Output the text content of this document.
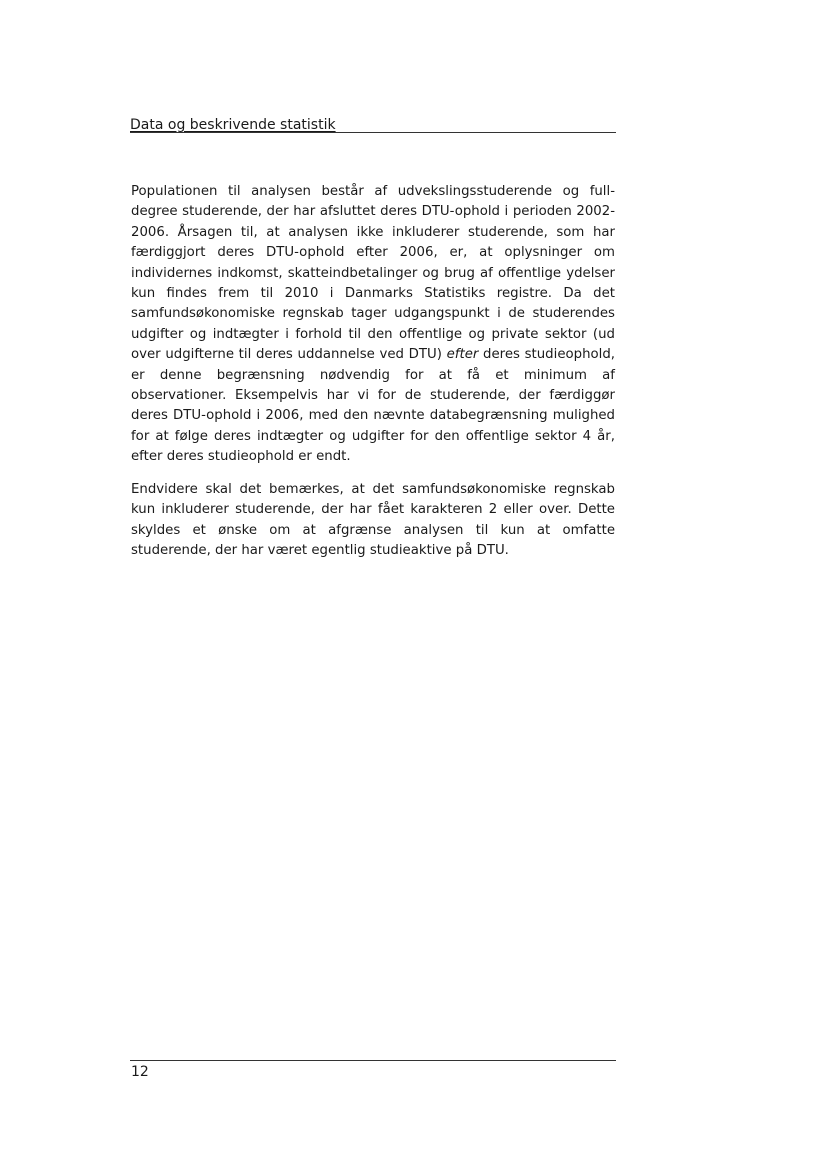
Data og beskrivende statistik

Populationen til analysen består af udvekslingsstuderende og full-degree studerende, der har afsluttet deres DTU-ophold i perioden 2002-2006. Årsagen til, at analysen ikke inkluderer studerende, som har færdiggjort deres DTU-ophold efter 2006, er, at oplysninger om individernes indkomst, skatteindbetalinger og brug af offentlige ydelser kun findes frem til 2010 i Danmarks Statistiks registre. Da det samfundsøkonomiske regnskab tager udgangspunkt i de studerendes udgifter og indtægter i forhold til den offentlige og private sektor (ud over udgifterne til deres uddannelse ved DTU) efter deres studieophold, er denne begrænsning nødvendig for at få et minimum af observationer. Eksempelvis har vi for de studerende, der færdiggør deres DTU-ophold i 2006, med den nævnte databegrænsning mulighed for at følge deres indtægter og udgifter for den offentlige sektor 4 år, efter deres studieophold er endt.

Endvidere skal det bemærkes, at det samfundsøkonomiske regnskab kun inkluderer studerende, der har fået karakteren 2 eller over. Dette skyldes et ønske om at afgrænse analysen til kun at omfatte studerende, der har været egentlig studieaktive på DTU.

12
